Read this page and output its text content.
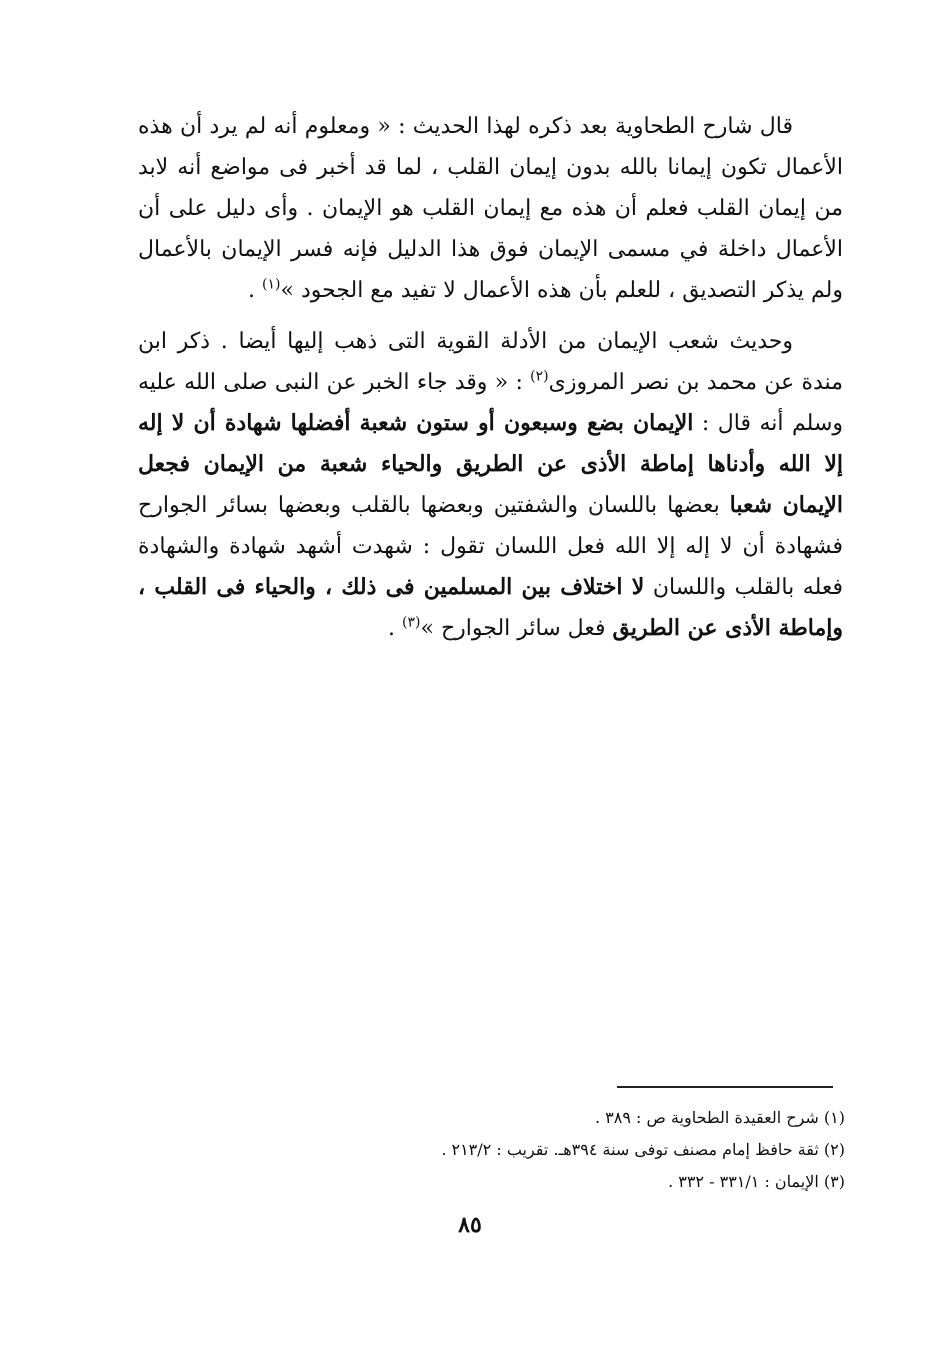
قال شارح الطحاوية بعد ذكره لهذا الحديث : « ومعلوم أنه لم يرد أن هذه الأعمال تكون إيمانا بالله بدون إيمان القلب ، لما قد أخبر فى مواضع أنه لابد من إيمان القلب فعلم أن هذه مع إيمان القلب هو الإيمان . وأى دليل على أن الأعمال داخلة في مسمى الإيمان فوق هذا الدليل فإنه فسر الإيمان بالأعمال ولم يذكر التصديق ، للعلم بأن هذه الأعمال لا تفيد مع الجحود »$^{(١)}$ .

وحديث شعب الإيمان من الأدلة القوية التى ذهب إليها أيضا . ذكر ابن مندة عن محمد بن نصر المروزى$^{(٢)}$ : « وقد جاء الخبر عن النبى صلى الله عليه وسلم أنه قال : الإيمان بضع وسبعون أو ستون شعبة أفضلها شهادة أن لا إله إلا الله وأدناها إماطة الأذى عن الطريق والحياء شعبة من الإيمان فجعل الإيمان شعبا بعضها باللسان والشفتين وبعضها بالقلب وبعضها بسائر الجوارح فشهادة أن لا إله إلا الله فعل اللسان تقول : شهدت أشهد شهادة والشهادة فعله بالقلب واللسان لا اختلاف بين المسلمين فى ذلك ، والحياء فى القلب ، وإماطة الأذى عن الطريق فعل سائر الجوارح »$^{(٣)}$ .

(١) شرح العقيدة الطحاوية ص : ٣٨٩ .

(٢) ثقة حافظ إمام مصنف توفى سنة ٣٩٤هـ. تقريب : ٢١٣/٢ .

(٣) الإيمان : ٣٣١/١ - ٣٣٢ .

٨٥
